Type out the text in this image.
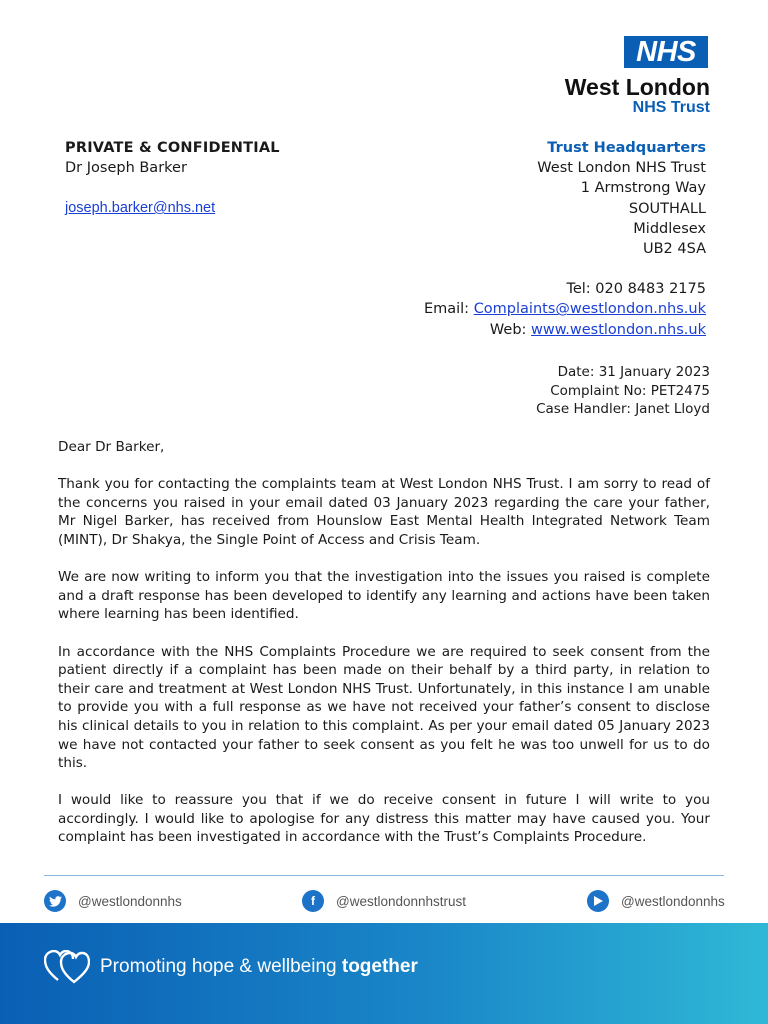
NHS
West London
NHS Trust
PRIVATE & CONFIDENTIAL
Dr Joseph Barker
joseph.barker@nhs.net
Trust Headquarters
West London NHS Trust
1 Armstrong Way
SOUTHALL
Middlesex
UB2 4SA
Tel: 020 8483 2175
Email: Complaints@westlondon.nhs.uk
Web: www.westlondon.nhs.uk
Date: 31 January 2023
Complaint No: PET2475
Case Handler: Janet Lloyd

Dear Dr Barker,

Thank you for contacting the complaints team at West London NHS Trust. I am sorry to read of the concerns you raised in your email dated 03 January 2023 regarding the care your father, Mr Nigel Barker, has received from Hounslow East Mental Health Integrated Network Team (MINT), Dr Shakya, the Single Point of Access and Crisis Team.

We are now writing to inform you that the investigation into the issues you raised is complete and a draft response has been developed to identify any learning and actions have been taken where learning has been identified.

In accordance with the NHS Complaints Procedure we are required to seek consent from the patient directly if a complaint has been made on their behalf by a third party, in relation to their care and treatment at West London NHS Trust. Unfortunately, in this instance I am unable to provide you with a full response as we have not received your father’s consent to disclose his clinical details to you in relation to this complaint. As per your email dated 05 January 2023 we have not contacted your father to seek consent as you felt he was too unwell for us to do this.

I would like to reassure you that if we do receive consent in future I will write to you accordingly. I would like to apologise for any distress this matter may have caused you. Your complaint has been investigated in accordance with the Trust’s Complaints Procedure.

@westlondonnhs	f	@westlondonnhstrust	@westlondonnhs
Promoting hope & wellbeing together
